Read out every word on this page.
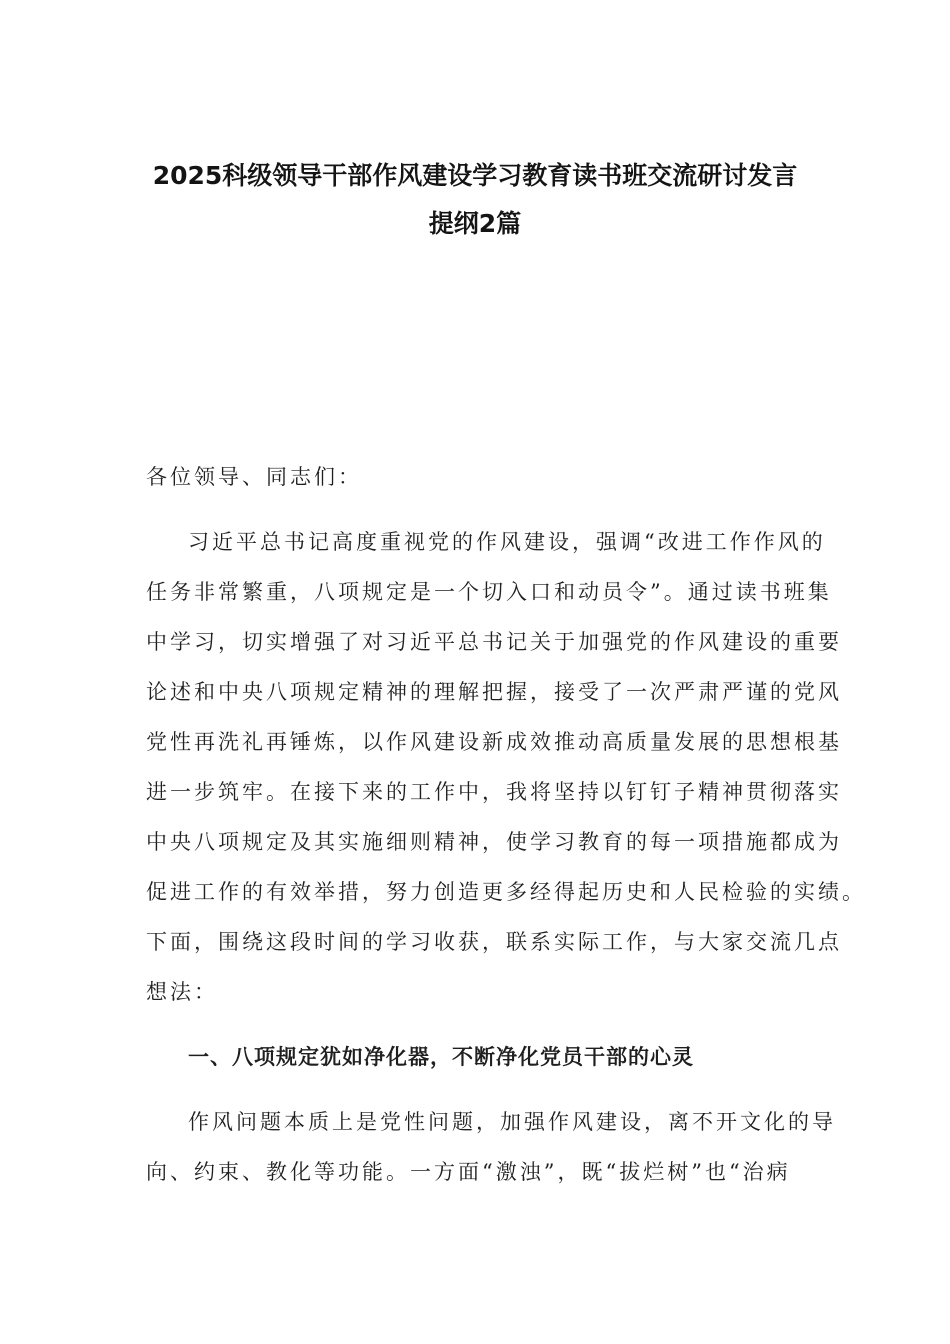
2025科级领导干部作风建设学习教育读书班交流研讨发言
提纲2篇

各位领导、同志们：

习近平总书记高度重视党的作风建设，强调“改进工作作风的
任务非常繁重，八项规定是一个切入口和动员令”。通过读书班集
中学习，切实增强了对习近平总书记关于加强党的作风建设的重要
论述和中央八项规定精神的理解把握，接受了一次严肃严谨的党风
党性再洗礼再锤炼，以作风建设新成效推动高质量发展的思想根基
进一步筑牢。在接下来的工作中，我将坚持以钉钉子精神贯彻落实
中央八项规定及其实施细则精神，使学习教育的每一项措施都成为
促进工作的有效举措，努力创造更多经得起历史和人民检验的实绩。
下面，围绕这段时间的学习收获，联系实际工作，与大家交流几点
想法：

一、八项规定犹如净化器，不断净化党员干部的心灵

作风问题本质上是党性问题，加强作风建设，离不开文化的导
向、约束、教化等功能。一方面“激浊”，既“拔烂树”也“治病
